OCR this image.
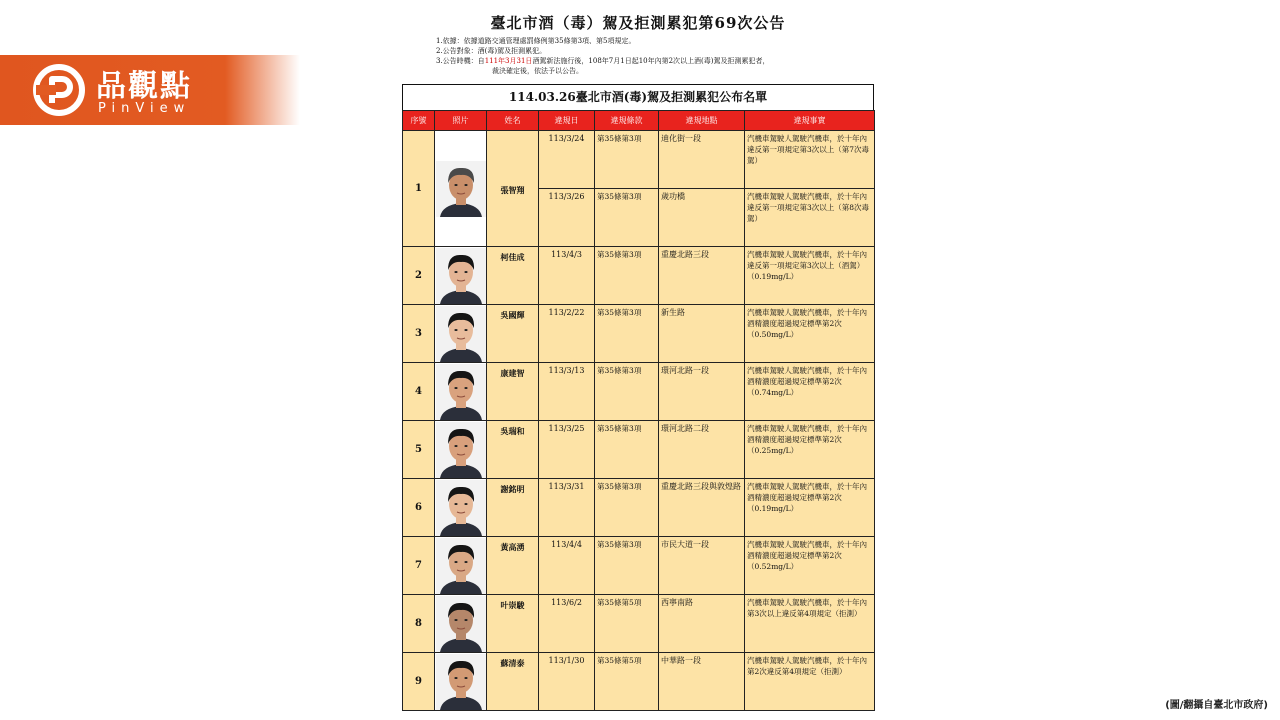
品觀點
PinView
臺北市酒（毒）駕及拒測累犯第69次公告
1.依據：依據道路交通管理處罰條例第35條第3項、第5項規定。
2.公告對象：酒(毒)駕及拒測累犯。
3.公告時機：自111年3月31日酒駕新法施行後，108年7月1日起10年內第2次以上酒(毒)駕及拒測累犯者，
裁決確定後，依法予以公告。
114.03.26臺北市酒(毒)駕及拒測累犯公布名單
序號	照片	姓名	違規日	違規條款	違規地點	違規事實
1		張智翔	113/3/24	第35條第3項	迪化街一段	汽機車駕駛人駕駛汽機車，於十年內違反第一項規定第3次以上（第7次毒駕）
			113/3/26	第35條第3項	歲功橋	汽機車駕駛人駕駛汽機車，於十年內違反第一項規定第3次以上（第8次毒駕）
2		柯佳成	113/4/3	第35條第3項	重慶北路三段	汽機車駕駛人駕駛汽機車，於十年內違反第一項規定第3次以上（酒駕）（0.19mg/L）
3		吳國輝	113/2/22	第35條第3項	新生路	汽機車駕駛人駕駛汽機車，於十年內酒精濃度超過規定標準第2次（0.50mg/L）
4		康建智	113/3/13	第35條第3項	環河北路一段	汽機車駕駛人駕駛汽機車，於十年內酒精濃度超過規定標準第2次（0.74mg/L）
5		吳瑞和	113/3/25	第35條第3項	環河北路二段	汽機車駕駛人駕駛汽機車，於十年內酒精濃度超過規定標準第2次（0.25mg/L）
6		謝銘明	113/3/31	第35條第3項	重慶北路三段與敦煌路	汽機車駕駛人駕駛汽機車，於十年內酒精濃度超過規定標準第2次（0.19mg/L）
7		黃高湧	113/4/4	第35條第3項	市民大道一段	汽機車駕駛人駕駛汽機車，於十年內酒精濃度超過規定標準第2次（0.52mg/L）
8		叶崇駿	113/6/2	第35條第5項	西寧南路	汽機車駕駛人駕駛汽機車，於十年內第3次以上違反第4項規定（拒測）
9		蘇清泰	113/1/30	第35條第5項	中華路一段	汽機車駕駛人駕駛汽機車，於十年內第2次違反第4項規定（拒測）
(圖/翻攝自臺北市政府)
